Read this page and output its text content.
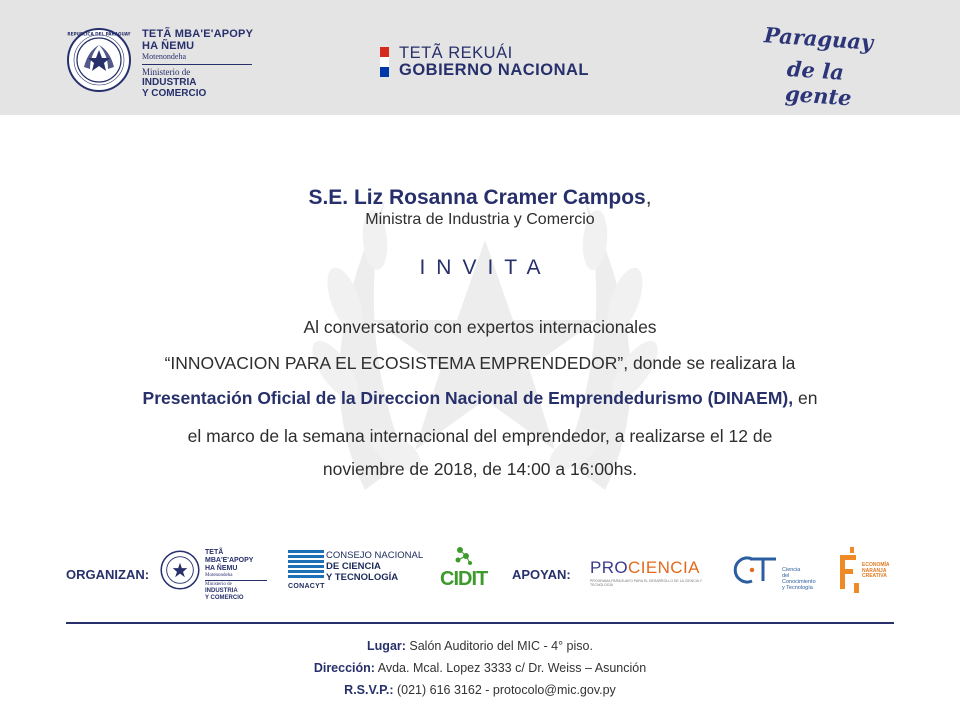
REPUBLICA DEL PARAGUAY TETÃ MBA'E'APOPY
HA ÑEMU
Motenondeha
Ministerio de
INDUSTRIA
Y COMERCIO
TETÃ REKUÁI
GOBIERNO NACIONAL
Paraguay
de la gente
S.E. Liz Rosanna Cramer Campos,
Ministra de Industria y Comercio
INVITA
Al conversatorio con expertos internacionales
“INNOVACION PARA EL ECOSISTEMA EMPRENDEDOR”, donde se realizara la
Presentación Oficial de la Direccion Nacional de Emprendedurismo (DINAEM), en
el marco de la semana internacional del emprendedor, a realizarse el 12 de
noviembre de 2018, de 14:00 a 16:00hs.
ORGANIZAN:
TETÃ MBA'E'APOPY
HA ÑEMU
Motenondeha
Ministerio de
INDUSTRIA
Y COMERCIO
CONACYT
CONSEJO NACIONAL
DE CIENCIA
Y TECNOLOGÍA	CIDIT APOYAN: PROCIENCIA
PROGRAMA PARAGUAYO PARA EL DESARROLLO DE LA CIENCIA Y TECNOLOGÍA
Ciencia
del Conocimiento
y Tecnología
ECONOMÍA
NARANJA
CREATIVA
Lugar: Salón Auditorio del MIC - 4° piso.
Dirección: Avda. Mcal. Lopez 3333 c/ Dr. Weiss – Asunción
R.S.V.P.: (021) 616 3162 - protocolo@mic.gov.py
